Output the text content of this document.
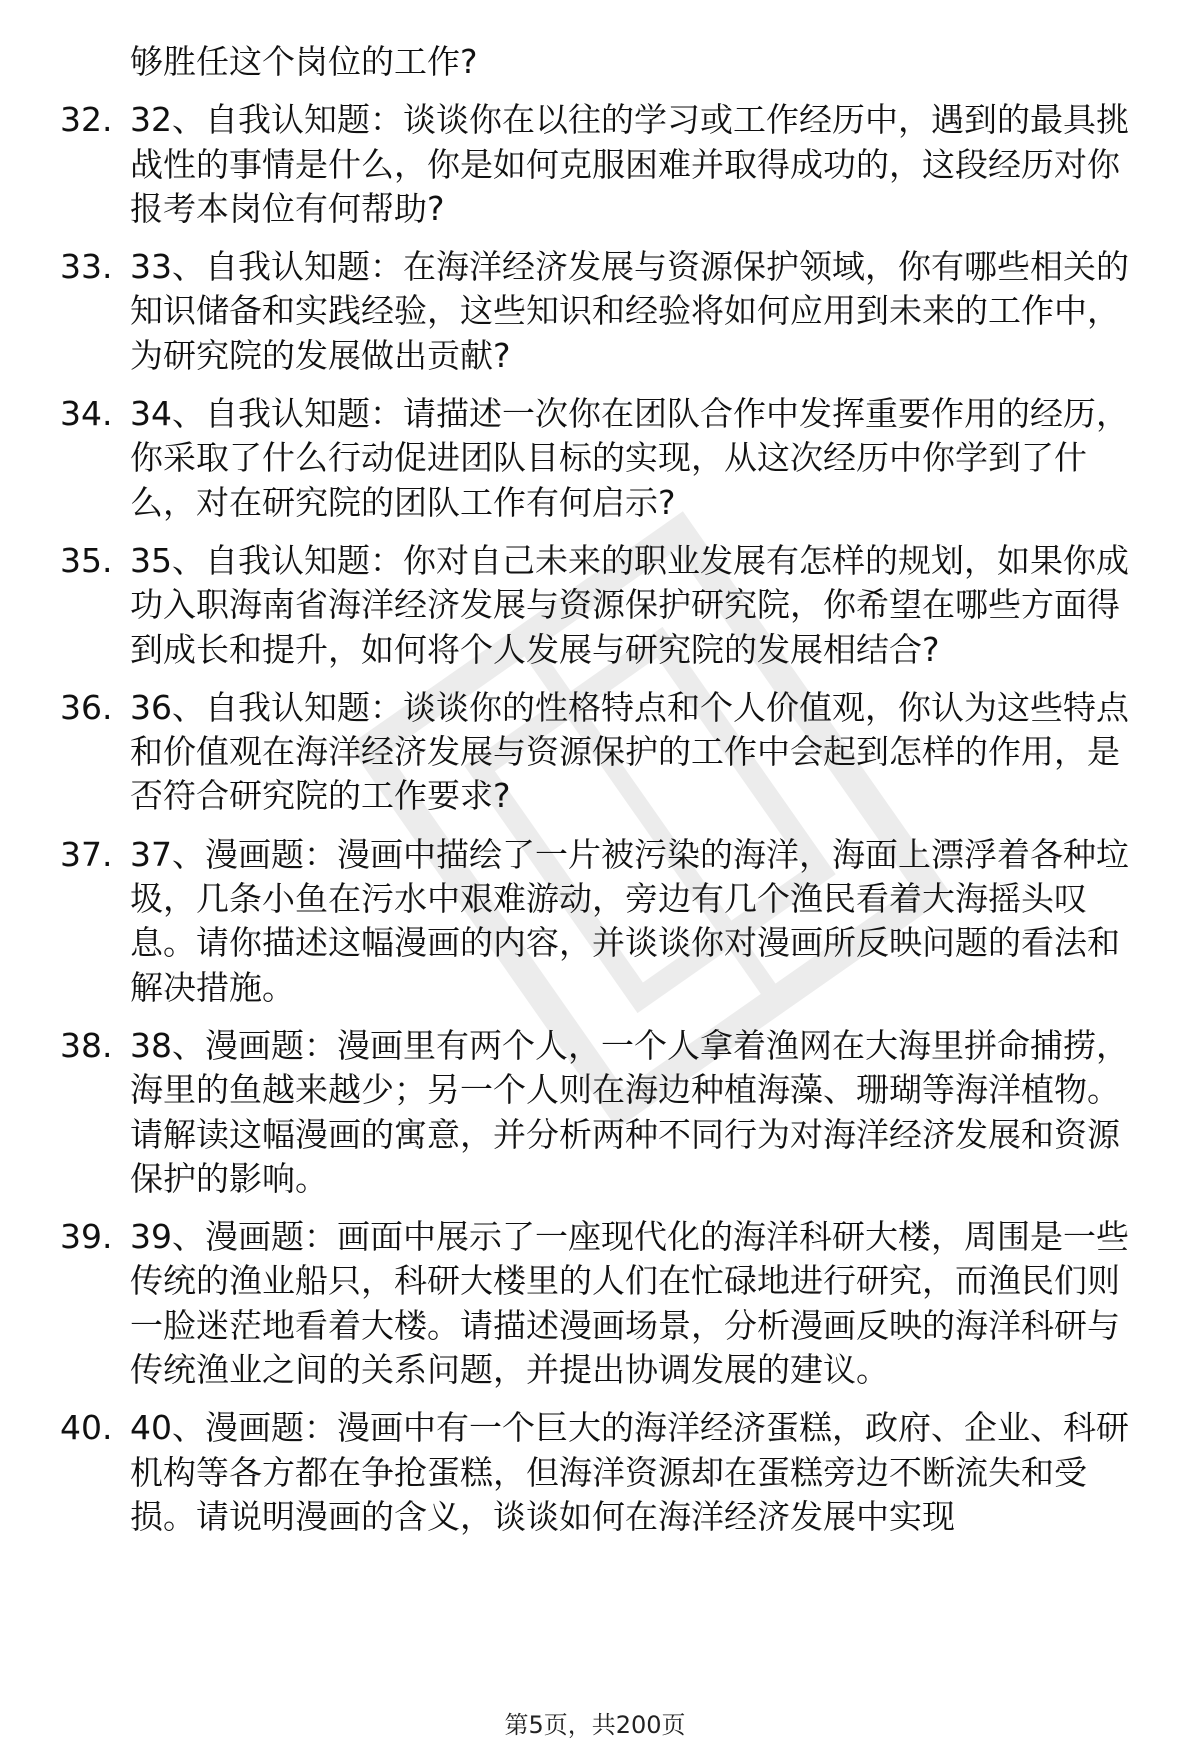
够胜任这个岗位的工作?
32. 32、自我认知题：谈谈你在以往的学习或工作经历中，遇到的最具挑战性的事情是什么，你是如何克服困难并取得成功的，这段经历对你报考本岗位有何帮助?
33. 33、自我认知题：在海洋经济发展与资源保护领域，你有哪些相关的知识储备和实践经验，这些知识和经验将如何应用到未来的工作中，为研究院的发展做出贡献?
34. 34、自我认知题：请描述一次你在团队合作中发挥重要作用的经历，你采取了什么行动促进团队目标的实现，从这次经历中你学到了什么，对在研究院的团队工作有何启示?
35. 35、自我认知题：你对自己未来的职业发展有怎样的规划，如果你成功入职海南省海洋经济发展与资源保护研究院，你希望在哪些方面得到成长和提升，如何将个人发展与研究院的发展相结合?
36. 36、自我认知题：谈谈你的性格特点和个人价值观，你认为这些特点和价值观在海洋经济发展与资源保护的工作中会起到怎样的作用，是否符合研究院的工作要求?
37. 37、漫画题：漫画中描绘了一片被污染的海洋，海面上漂浮着各种垃圾，几条小鱼在污水中艰难游动，旁边有几个渔民看着大海摇头叹息。请你描述这幅漫画的内容，并谈谈你对漫画所反映问题的看法和解决措施。
38. 38、漫画题：漫画里有两个人，一个人拿着渔网在大海里拼命捕捞，海里的鱼越来越少；另一个人则在海边种植海藻、珊瑚等海洋植物。请解读这幅漫画的寓意，并分析两种不同行为对海洋经济发展和资源保护的影响。
39. 39、漫画题：画面中展示了一座现代化的海洋科研大楼，周围是一些传统的渔业船只，科研大楼里的人们在忙碌地进行研究，而渔民们则一脸迷茫地看着大楼。请描述漫画场景，分析漫画反映的海洋科研与传统渔业之间的关系问题，并提出协调发展的建议。
40. 40、漫画题：漫画中有一个巨大的海洋经济蛋糕，政府、企业、科研机构等各方都在争抢蛋糕，但海洋资源却在蛋糕旁边不断流失和受损。请说明漫画的含义，谈谈如何在海洋经济发展中实现
第5页，共200页
